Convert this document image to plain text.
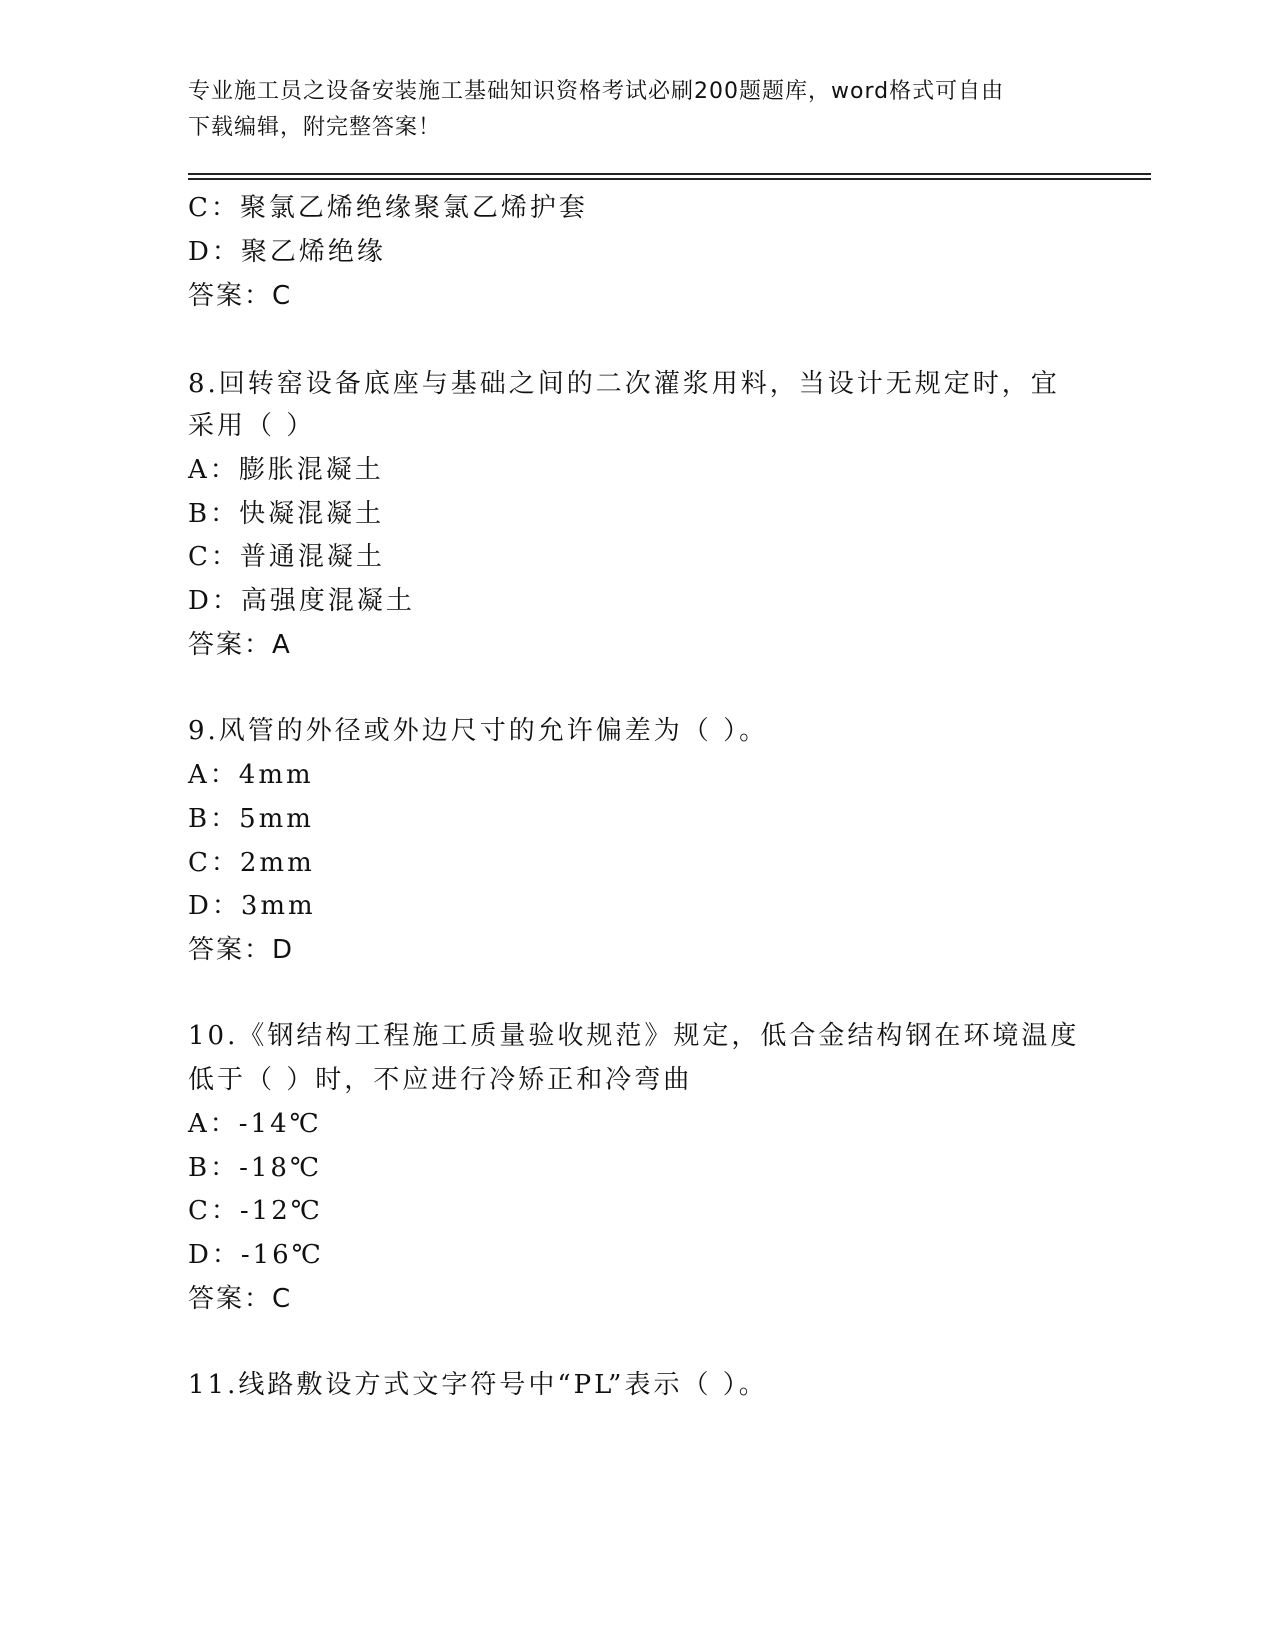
专业施工员之设备安装施工基础知识资格考试必刷200题题库，word格式可自由
下载编辑，附完整答案！
C：聚氯乙烯绝缘聚氯乙烯护套
D：聚乙烯绝缘
答案：C
8.回转窑设备底座与基础之间的二次灌浆用料，当设计无规定时，宜
采用（ ）
A：膨胀混凝土
B：快凝混凝土
C：普通混凝土
D：高强度混凝土
答案：A
9.风管的外径或外边尺寸的允许偏差为（ ）。
A：4mm
B：5mm
C：2mm
D：3mm
答案：D
10.《钢结构工程施工质量验收规范》规定，低合金结构钢在环境温度
低于（ ）时，不应进行冷矫正和冷弯曲
A：-14℃
B：-18℃
C：-12℃
D：-16℃
答案：C
11.线路敷设方式文字符号中“PL”表示（ ）。
